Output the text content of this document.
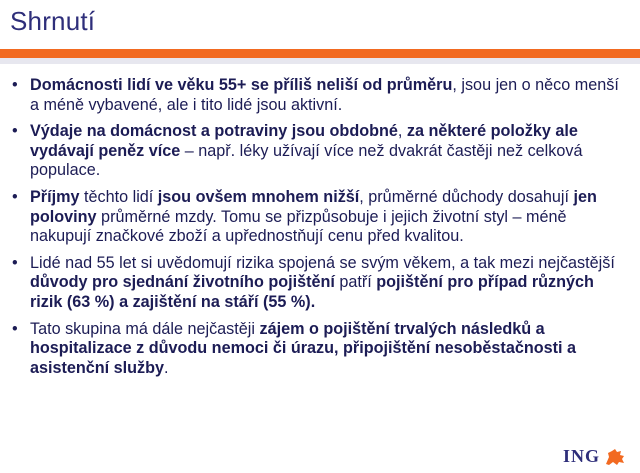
Shrnutí
• Domácnosti lidí ve věku 55+ se příliš neliší od průměru, jsou jen o něco menší a méně vybavené, ale i tito lidé jsou aktivní.
• Výdaje na domácnost a potraviny jsou obdobné, za některé položky ale vydávají peněz více – např. léky užívají více než dvakrát častěji než celková populace.
• Příjmy těchto lidí jsou ovšem mnohem nižší, průměrné důchody dosahují jen poloviny průměrné mzdy. Tomu se přizpůsobuje i jejich životní styl – méně nakupují značkové zboží a upřednostňují cenu před kvalitou.
• Lidé nad 55 let si uvědomují rizika spojená se svým věkem, a tak mezi nejčastější důvody pro sjednání životního pojištění patří pojištění pro případ různých rizik (63 %) a zajištění na stáří (55 %).
• Tato skupina má dále nejčastěji zájem o pojištění trvalých následků a hospitalizace z důvodu nemoci či úrazu, připojištění nesoběstačnosti a asistenční služby.
ING
